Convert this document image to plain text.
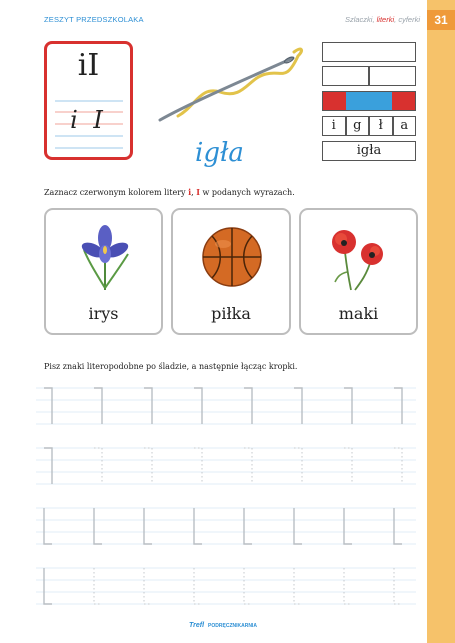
31
ZESZYT PRZEDSZKOLAKA	Szlaczki, literki, cyferki
iI
i I
igła
i	g	ł	a
igła
Zaznacz czerwonym kolorem litery i, I w podanych wyrazach.
irys	piłka	maki
Pisz znaki literopodobne po śladzie, a następnie łącząc kropki.
Trefl PODRĘCZNIKARNIA
